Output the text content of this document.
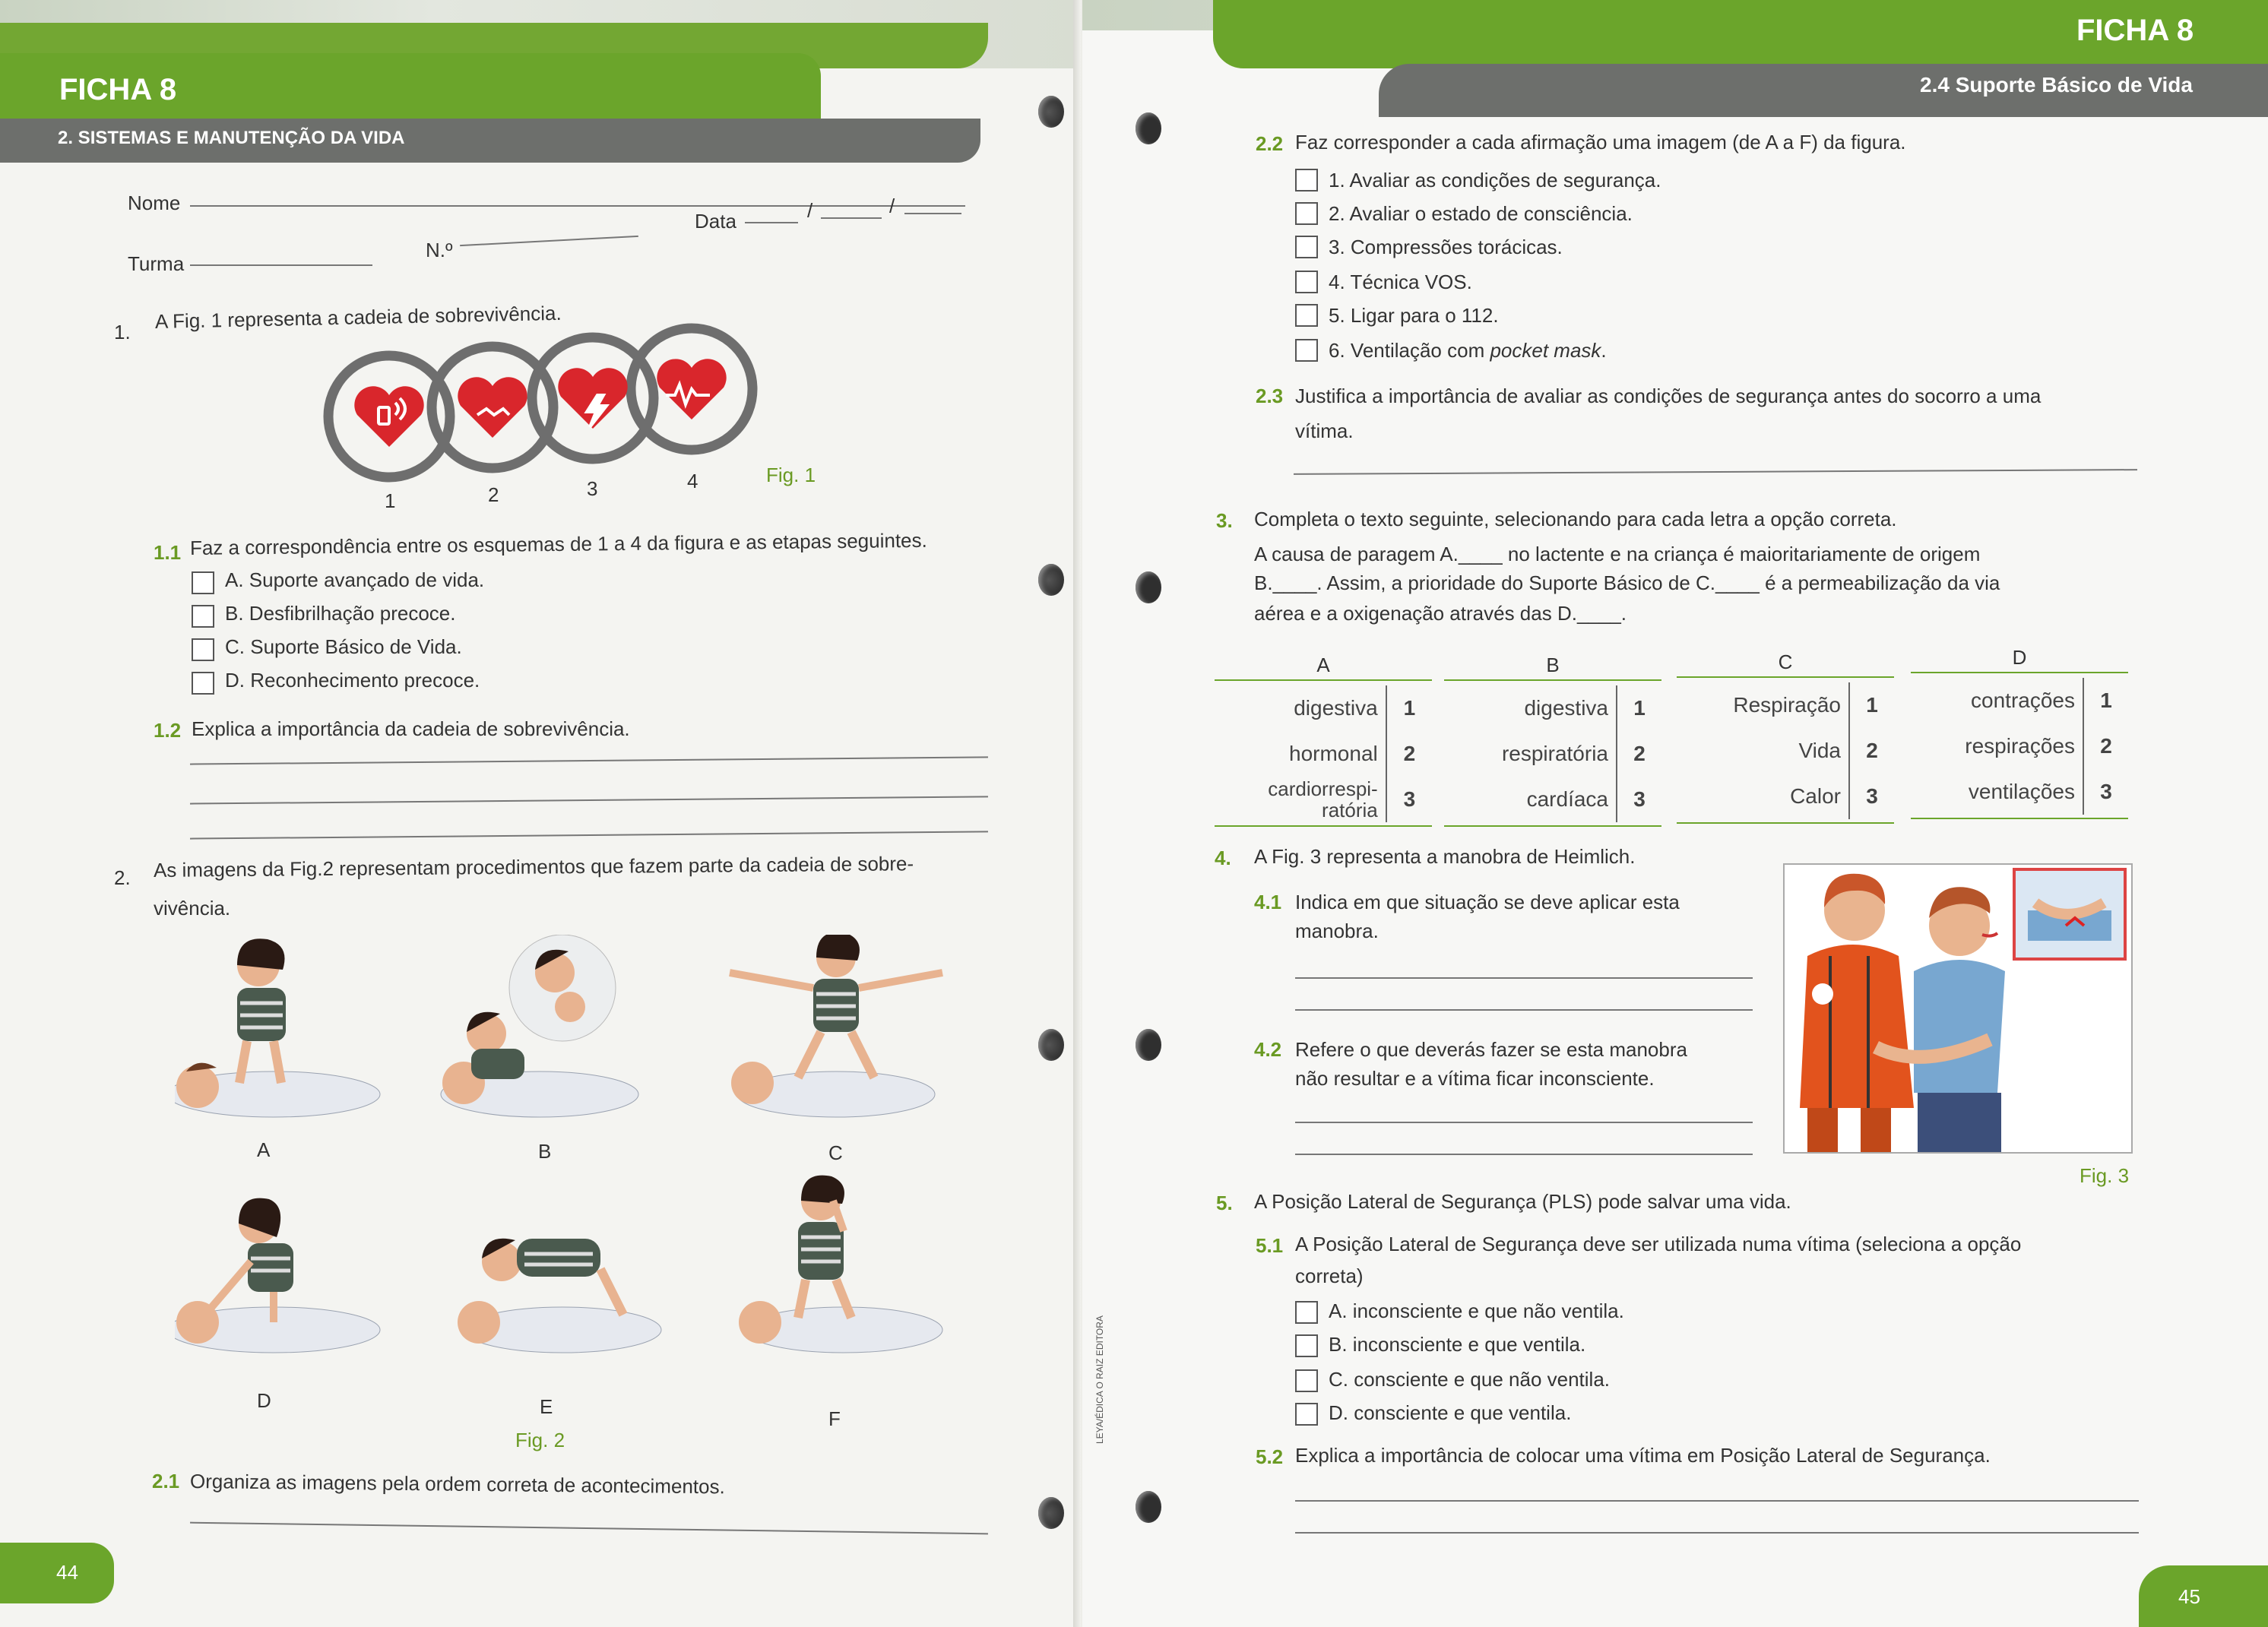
FICHA 8
2. SISTEMAS E MANUTENÇÃO DA VIDA
Nome
Data	/	/
Turma
N.º
1. A Fig. 1 representa a cadeia de sobrevivência.
1	2	3	4	Fig. 1
1.1 Faz a correspondência entre os esquemas de 1 a 4 da figura e as etapas seguintes.
A. Suporte avançado de vida.
B. Desfibrilhação precoce.
C. Suporte Básico de Vida.
D. Reconhecimento precoce.
1.2 Explica a importância da cadeia de sobrevivência.
2. As imagens da Fig.2 representam procedimentos que fazem parte da cadeia de sobre-
vivência.
A	B	C
D	E
F
Fig. 2
2.1 Organiza as imagens pela ordem correta de acontecimentos.
44
FICHA 8
2.4 Suporte Básico de Vida
2.2 Faz corresponder a cada afirmação uma imagem (de A a F) da figura.
1. Avaliar as condições de segurança.
2. Avaliar o estado de consciência.
3. Compressões torácicas.
4. Técnica VOS.
5. Ligar para o 112.
6. Ventilação com pocket mask.
2.3 Justifica a importância de avaliar as condições de segurança antes do socorro a uma
vítima.
3. Completa o texto seguinte, selecionando para cada letra a opção correta.
A causa de paragem A.____ no lactente e na criança é maioritariamente de origem
B.____. Assim, a prioridade do Suporte Básico de C.____ é a permeabilização da via
aérea e a oxigenação através das D.____.
A
digestiva	1
hormonal	2
cardiorrespi-ratória	3
B
digestiva	1
respiratória	2
cardíaca	3
C
Respiração	1
Vida	2
Calor	3
D
contrações	1
respirações	2
ventilações	3
4. A Fig. 3 representa a manobra de Heimlich.
4.1 Indica em que situação se deve aplicar esta
manobra.
4.2 Refere o que deverás fazer se esta manobra
não resultar e a vítima ficar inconsciente.
Fig. 3
5. A Posição Lateral de Segurança (PLS) pode salvar uma vida.
5.1 A Posição Lateral de Segurança deve ser utilizada numa vítima (seleciona a opção
correta)
A. inconsciente e que não ventila.
B. inconsciente e que ventila.
C. consciente e que não ventila.
D. consciente e que ventila.
5.2 Explica a importância de colocar uma vítima em Posição Lateral de Segurança.
LEYA/ÉDICA O RAIZ EDITORA
45
